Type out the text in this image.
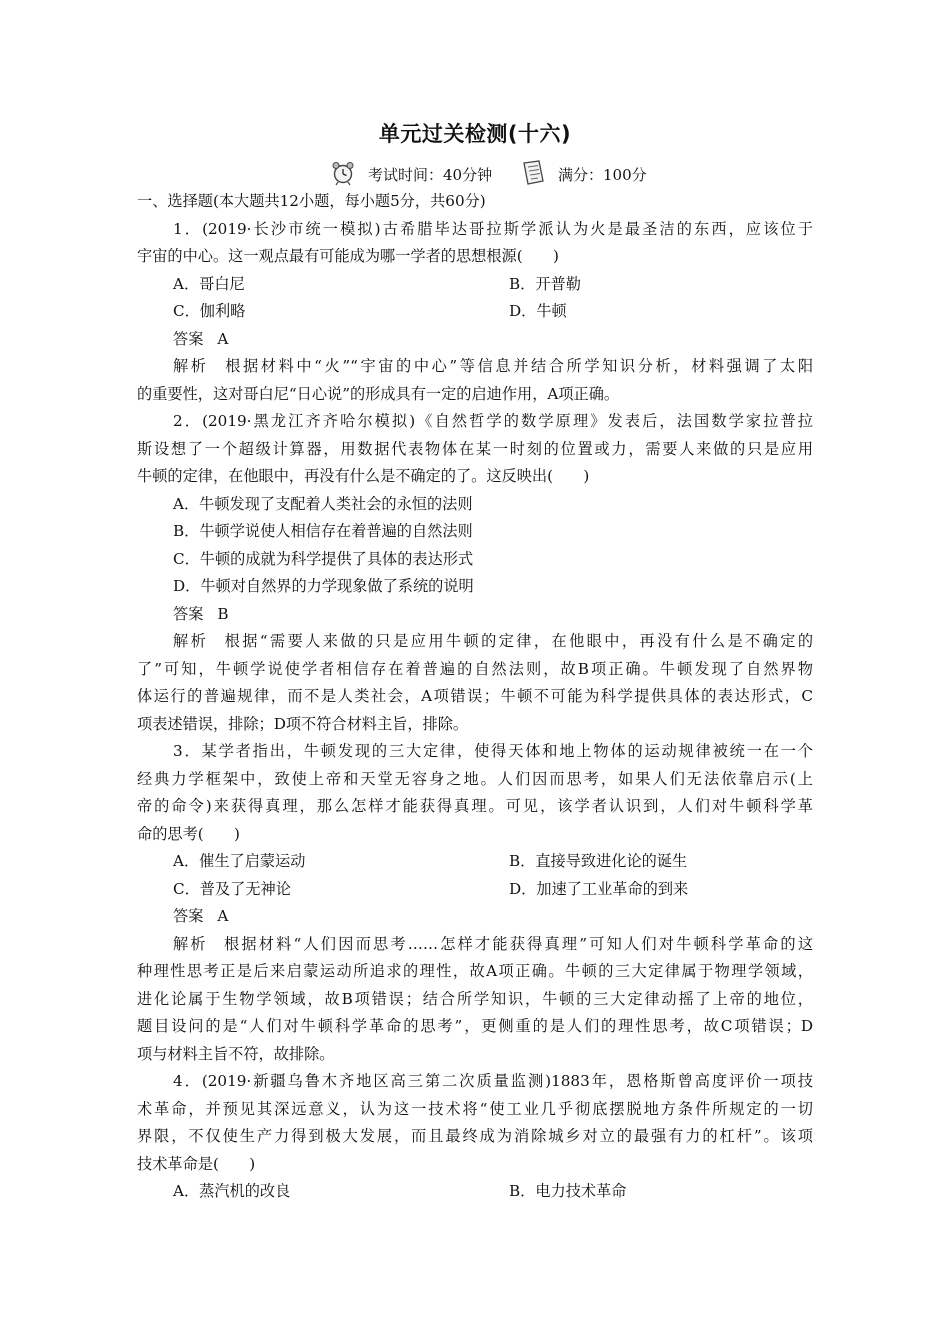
单元过关检测(十六)
考试时间：40分钟	满分：100分
一、选择题(本大题共12小题，每小题5分，共60分)
1．(2019·长沙市统一模拟)古希腊毕达哥拉斯学派认为火是最圣洁的东西，应该位于
宇宙的中心。这一观点最有可能成为哪一学者的思想根源(　　)
A．哥白尼	B．开普勒
C．伽利略	D．牛顿
答案 A
解析 根据材料中“火”“宇宙的中心”等信息并结合所学知识分析，材料强调了太阳
的重要性，这对哥白尼“日心说”的形成具有一定的启迪作用，A项正确。
2．(2019·黑龙江齐齐哈尔模拟)《自然哲学的数学原理》发表后，法国数学家拉普拉
斯设想了一个超级计算器，用数据代表物体在某一时刻的位置或力，需要人来做的只是应用
牛顿的定律，在他眼中，再没有什么是不确定的了。这反映出(　　)
A．牛顿发现了支配着人类社会的永恒的法则
B．牛顿学说使人相信存在着普遍的自然法则
C．牛顿的成就为科学提供了具体的表达形式
D．牛顿对自然界的力学现象做了系统的说明
答案 B
解析 根据“需要人来做的只是应用牛顿的定律，在他眼中，再没有什么是不确定的
了”可知，牛顿学说使学者相信存在着普遍的自然法则，故B项正确。牛顿发现了自然界物
体运行的普遍规律，而不是人类社会，A项错误；牛顿不可能为科学提供具体的表达形式，C
项表述错误，排除；D项不符合材料主旨，排除。
3．某学者指出，牛顿发现的三大定律，使得天体和地上物体的运动规律被统一在一个
经典力学框架中，致使上帝和天堂无容身之地。人们因而思考，如果人们无法依靠启示(上
帝的命令)来获得真理，那么怎样才能获得真理。可见，该学者认识到，人们对牛顿科学革
命的思考(　　)
A．催生了启蒙运动	B．直接导致进化论的诞生
C．普及了无神论	D．加速了工业革命的到来
答案 A
解析 根据材料“人们因而思考……怎样才能获得真理”可知人们对牛顿科学革命的这
种理性思考正是后来启蒙运动所追求的理性，故A项正确。牛顿的三大定律属于物理学领域，
进化论属于生物学领域，故B项错误；结合所学知识，牛顿的三大定律动摇了上帝的地位，
题目设问的是“人们对牛顿科学革命的思考”，更侧重的是人们的理性思考，故C项错误；D
项与材料主旨不符，故排除。
4．(2019·新疆乌鲁木齐地区高三第二次质量监测)1883年，恩格斯曾高度评价一项技
术革命，并预见其深远意义，认为这一技术将“使工业几乎彻底摆脱地方条件所规定的一切
界限，不仅使生产力得到极大发展，而且最终成为消除城乡对立的最强有力的杠杆”。该项
技术革命是(　　)
A．蒸汽机的改良	B．电力技术革命
